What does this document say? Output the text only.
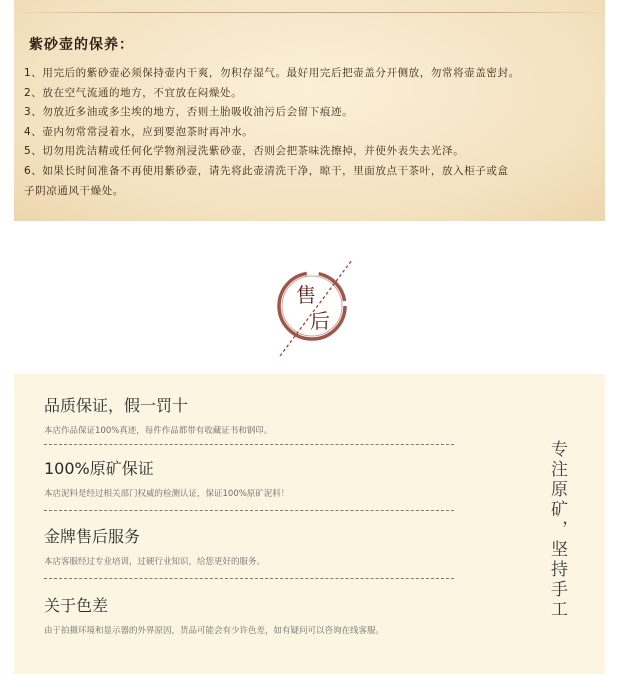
紫砂壶的保养：
1、用完后的紫砂壶必须保持壶内干爽，勿积存湿气。最好用完后把壶盖分开侧放，勿常将壶盖密封。
2、放在空气流通的地方，不宜放在闷燥处。
3、勿放近多油或多尘埃的地方，否则土胎吸收油污后会留下痕迹。
4、壶内勿常常浸着水，应到要泡茶时再冲水。
5、切勿用洗洁精或任何化学物剂浸洗紫砂壶，否则会把茶味洗擦掉，并使外表失去光泽。
6、如果长时间准备不再使用紫砂壶，请先将此壶清洗干净，晾干，里面放点干茶叶，放入柜子或盒
子阴凉通风干燥处。
售
后
品质保证，假一罚十
本店作品保证100%真迹，每件作品都带有收藏证书和钢印。
100%原矿保证
本店泥料是经过相关部门权威的检测认证，保证100%原矿泥料！
金牌售后服务
本店客服经过专业培训，过硬行业知识，给您更好的服务。
关于色差
由于拍摄环境和显示器的外界原因，货品可能会有少许色差，如有疑问可以咨询在线客服。
专注原矿，坚持手工
